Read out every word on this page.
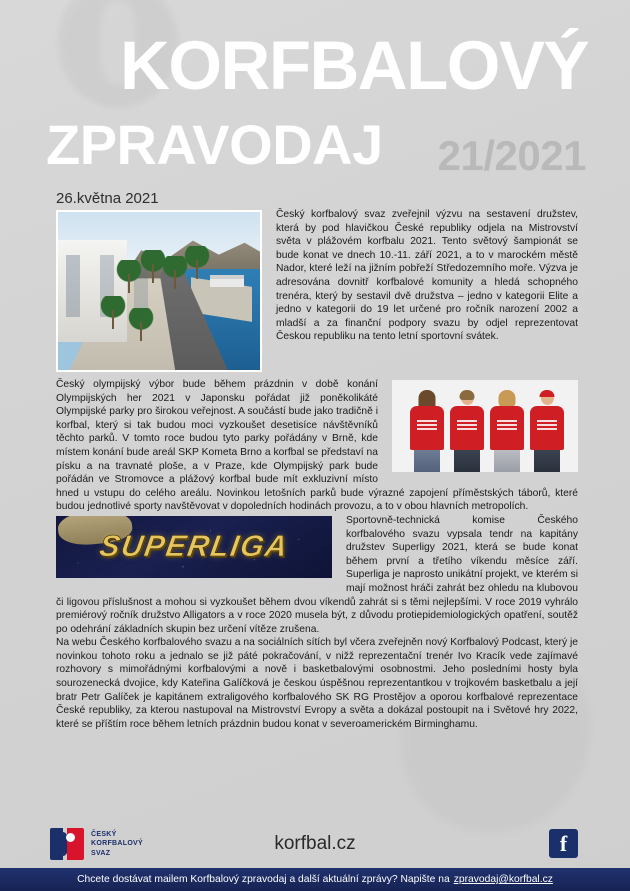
KORFBALOVÝ
ZPRAVODAJ 21/2021
26.května 2021

Český korfbalový svaz zveřejnil výzvu na sestavení družstev, která by pod hlavičkou České republiky odjela na Mistrovství světa v plážovém korfbalu 2021. Tento světový šampionát se bude konat ve dnech 10.-11. září 2021, a to v marockém městě Nador, které leží na jižním pobřeží Středozemního moře. Výzva je adresována dovnitř korfbalové komunity a hledá schopného trenéra, který by sestavil dvě družstva – jedno v kategorii Elite a jedno v kategorii do 19 let určené pro ročník narození 2002 a mladší a za finanční podpory svazu by odjel reprezentovat Českou republiku na tento letní sportovní svátek.

Český olympijský výbor bude během prázdnin v době konání Olympijských her 2021 v Japonsku pořádat již poněkolikáté Olympijské parky pro širokou veřejnost. A součástí bude jako tradičně i korfbal, který si tak budou moci vyzkoušet desetisíce návštěvníků těchto parků. V tomto roce budou tyto parky pořádány v Brně, kde místem konání bude areál SKP Kometa Brno a korfbal se představí na písku a na travnaté ploše, a v Praze, kde Olympijský park bude pořádán ve Stromovce a plážový korfbal bude mít exkluzivní místo hned u vstupu do celého areálu. Novinkou letošních parků bude výrazné zapojení příměstských táborů, které budou jednotlivé sporty navštěvovat v dopoledních hodinách provozu, a to v obou hlavních metropolích.

SUPERLIGA

Sportovně-technická komise Českého korfbalového svazu vypsala tendr na kapitány družstev Superligy 2021, která se bude konat během první a třetího víkendu měsíce září. Superliga je naprosto unikátní projekt, ve kterém si mají možnost hráči zahrát bez ohledu na klubovou či ligovou příslušnost a mohou si vyzkoušet během dvou víkendů zahrát si s těmi nejlepšími. V roce 2019 vyhrálo premiérový ročník družstvo Alligators a v roce 2020 musela být, z důvodu protiepidemiologických opatření, soutěž po odehrání základních skupin bez určení vítěze zrušena.

Na webu Českého korfbalového svazu a na sociálních sítích byl včera zveřejněn nový Korfbalový Podcast, který je novinkou tohoto roku a jednalo se již páté pokračování, v nižž reprezentační trenér Ivo Kracík vede zajímavé rozhovory s mimořádnými korfbalovými a nově i basketbalovými osobnostmi. Jeho posledními hosty byla sourozenecká dvojice, kdy Kateřina Galíčková je českou úspěšnou reprezentantkou v trojkovém basketbalu a její bratr Petr Galíček je kapitánem extraligového korfbalového SK RG Prostějov a oporou korfbalové reprezentace České republiky, za kterou nastupoval na Mistrovství Evropy a světa a dokázal postoupit na i Světové hry 2022, které se příštím roce během letních prázdnin budou konat v severoamerickém Birminghamu.

ČESKÝ
KORFBALOVÝ
SVAZ	korfbal.cz	f
Chcete dostávat mailem Korfbalový zpravodaj a další aktuální zprávy? Napište na zpravodaj@korfbal.cz
